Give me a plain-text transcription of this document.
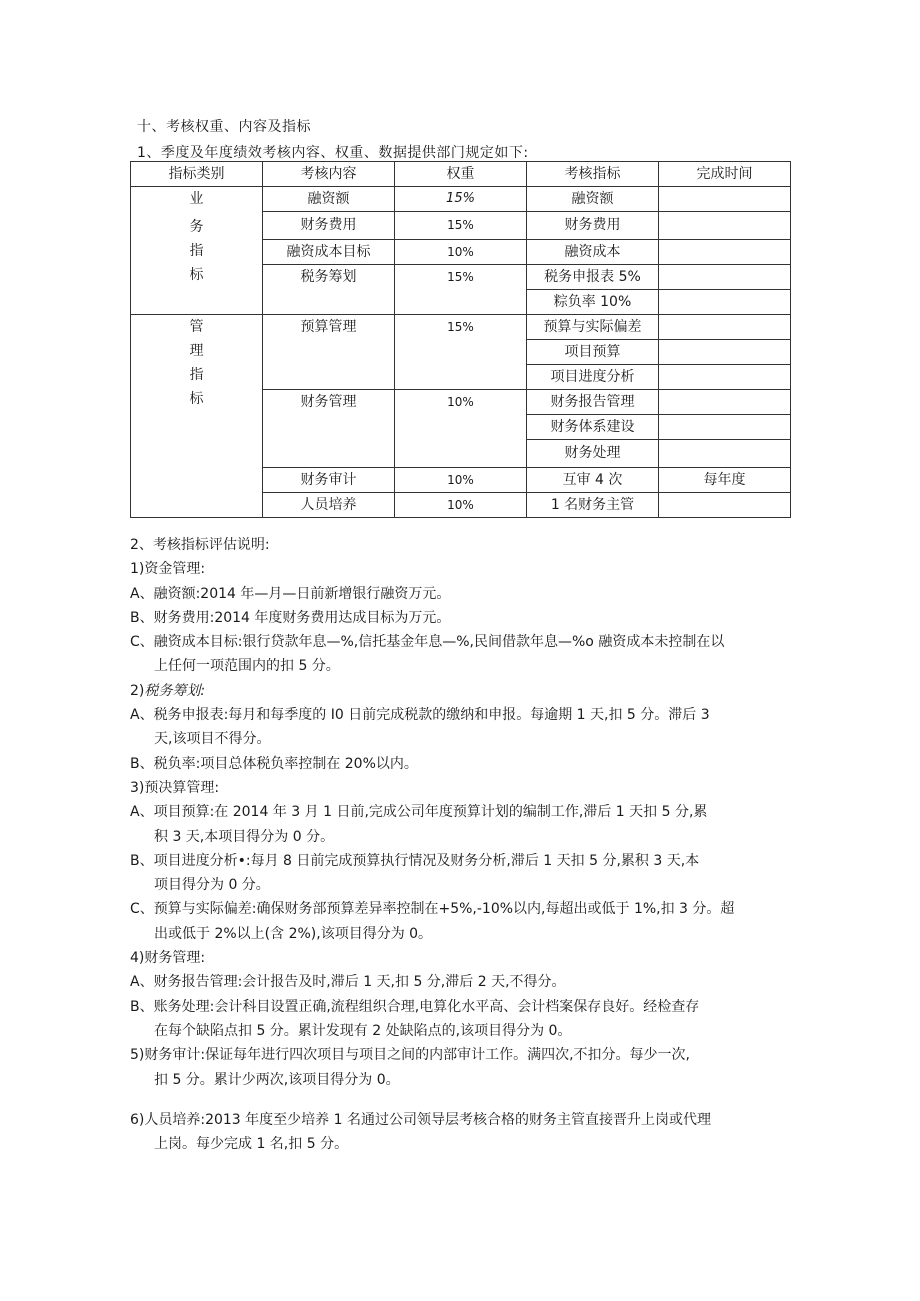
十、考核权重、内容及指标
1、季度及年度绩效考核内容、权重、数据提供部门规定如下:
指标类别	考核内容	权重	考核指标	完成时间

业
务
指
标	融资额	15%	融资额	
	财务费用	15%	财务费用	
	融资成本目标	10%	融资成本	
	税务筹划	15%	税务申报表 5%	
			粽负率 10%	

管
理
指
标	预算管理	15%	预算与实际偏差	
			项目预算	
			项目进度分析	
	财务管理	10%	财务报告管理	
			财务体系建设	
			财务处理	
	财务审计	10%	互审 4 次	每年度
	人员培养	10%	1 名财务主管	
2、考核指标评估说明:
1)资金管理:
A、融资额:2014 年—月—日前新增银行融资万元。
B、财务费用:2014 年度财务费用达成目标为万元。
C、融资成本目标:银行贷款年息—%,信托基金年息—%,民间借款年息—%o 融资成本未控制在以
上任何一项范围内的扣 5 分。
2)税务筹划:
A、税务申报表:每月和每季度的 I0 日前完成税款的缴纳和申报。每逾期 1 天,扣 5 分。滞后 3
天,该项目不得分。
B、税负率:项目总体税负率控制在 20%以内。
3)预决算管理:
A、项目预算:在 2014 年 3 月 1 日前,完成公司年度预算计划的编制工作,滞后 1 天扣 5 分,累
积 3 天,本项目得分为 0 分。
B、项目进度分析•:每月 8 日前完成预算执行情况及财务分析,滞后 1 天扣 5 分,累积 3 天,本
项目得分为 0 分。
C、预算与实际偏差:确保财务部预算差异率控制在+5%,-10%以内,每超出或低于 1%,扣 3 分。超
出或低于 2%以上(含 2%),该项目得分为 0。
4)财务管理:
A、财务报告管理:会计报告及时,滞后 1 天,扣 5 分,滞后 2 天,不得分。
B、账务处理:会计科目设置正确,流程组织合理,电算化水平高、会计档案保存良好。经检查存
在每个缺陷点扣 5 分。累计发现有 2 处缺陷点的,该项目得分为 0。
5)财务审计:保证每年进行四次项目与项目之间的内部审计工作。满四次,不扣分。每少一次,
扣 5 分。累计少两次,该项目得分为 0。
6)人员培养:2013 年度至少培养 1 名通过公司领导层考核合格的财务主管直接晋升上岗或代理
上岗。每少完成 1 名,扣 5 分。
